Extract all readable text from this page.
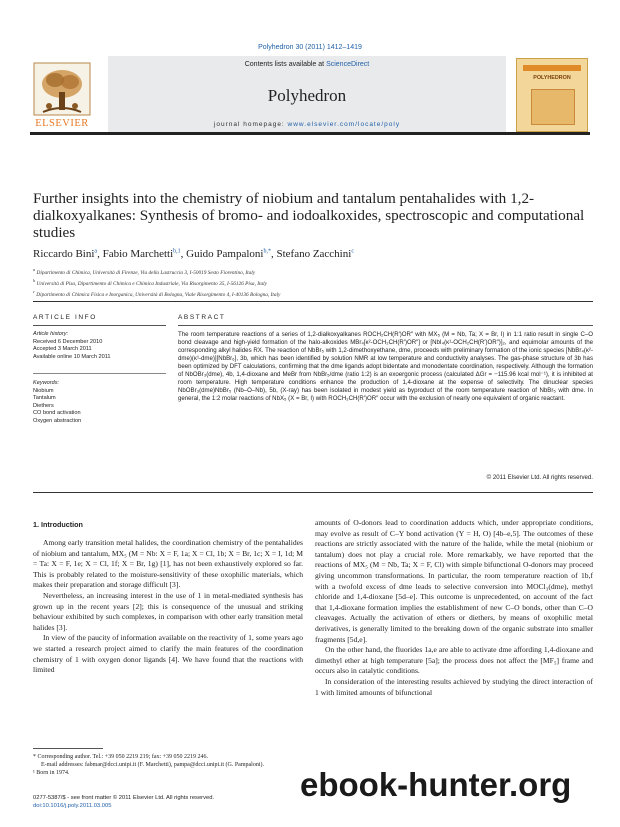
Polyhedron 30 (2011) 1412–1419
ELSEVIER
Contents lists available at ScienceDirect
Polyhedron
journal homepage: www.elsevier.com/locate/poly
POLYHEDRON
Further insights into the chemistry of niobium and tantalum pentahalides with 1,2-dialkoxyalkanes: Synthesis of bromo- and iodoalkoxides, spectroscopic and computational studies
Riccardo Bini$^a$, Fabio Marchetti$^{b,1}$, Guido Pampaloni$^{b,*}$, Stefano Zacchini$^c$
$^a$ Dipartimento di Chimica, Università di Firenze, Via della Lastruccia 3, I-50019 Sesto Fiorentino, Italy
$^b$ Università di Pisa, Dipartimento di Chimica e Chimica Industriale, Via Risorgimento 35, I-56126 Pisa, Italy
$^c$ Dipartimento di Chimica Fisica e Inorganica, Università di Bologna, Viale Risorgimento 4, I-40136 Bologna, Italy
ARTICLE INFO
Article history:
Received 6 December 2010
Accepted 3 March 2011
Available online 10 March 2011
Keywords:
Niobium
Tantalum
Diethers
CO bond activation
Oxygen abstraction
ABSTRACT
The room temperature reactions of a series of 1,2-dialkoxyalkanes ROCH₂CH(R′)OR″ with MX₅ (M = Nb, Ta; X = Br, I) in 1:1 ratio result in single C–O bond cleavage and high-yield formation of the halo-alkoxides MBr₄[κ²-OCH₂CH(R′)OR″] or [NbI₄(κ¹-OCH₂CH(R′)OR″)]₂, and equimolar amounts of the corresponding alkyl halides RX. The reaction of NbBr₅ with 1,2-dimethoxyethane, dme, proceeds with preliminary formation of the ionic species [NbBr₄(κ²-dme)(κ¹-dme)][NbBr₆], 3b, which has been identified by solution NMR at low temperature and conductivity analyses. The gas-phase structure of 3b has been optimized by DFT calculations, confirming that the dme ligands adopt bidentate and monodentate coordination, respectively. Although the formation of NbOBr₃(dme), 4b, 1,4-dioxane and MeBr from NbBr₅/dme (ratio 1:2) is an exoergonic process (calculated ΔGr = −115.96 kcal mol⁻¹), it is inhibited at room temperature. High temperature conditions enhance the production of 1,4-dioxane at the expense of selectivity. The dinuclear species NbOBr₃(dme)NbBr₅ (Nb–O–Nb), 5b, (X-ray) has been isolated in modest yield as byproduct of the room temperature reaction of NbBr₅ with dme. In general, the 1:2 molar reactions of NbX₅ (X = Br, I) with ROCH₂CH(R′)OR″ occur with the exclusion of nearly one equivalent of organic reactant.
© 2011 Elsevier Ltd. All rights reserved.
1. Introduction

Among early transition metal halides, the coordination chemistry of the pentahalides of niobium and tantalum, MX₅ (M = Nb: X = F, 1a; X = Cl, 1b; X = Br, 1c; X = I, 1d; M = Ta: X = F, 1e; X = Cl, 1f; X = Br, 1g) [1], has not been exhaustively explored so far. This is probably related to the moisture-sensitivity of these oxophilic materials, which makes their preparation and storage difficult [3].

Nevertheless, an increasing interest in the use of 1 in metal-mediated synthesis has grown up in the recent years [2]; this is consequence of the unusual and striking behaviour exhibited by such complexes, in comparison with other early transition metal halides [3].

In view of the paucity of information available on the reactivity of 1, some years ago we started a research project aimed to clarify the main features of the coordination chemistry of 1 with oxygen donor ligands [4]. We have found that the reactions with limited

amounts of O-donors lead to coordination adducts which, under appropriate conditions, may evolve as result of C–Y bond activation (Y = H, O) [4b–e,5]. The outcomes of these reactions are strictly associated with the nature of the halide, while the metal (niobium or tantalum) does not play a crucial role. More remarkably, we have reported that the reactions of MX₅ (M = Nb, Ta; X = F, Cl) with simple bifunctional O-donors may proceed giving uncommon transformations. In particular, the room temperature reaction of 1b,f with a twofold excess of dme leads to selective conversion into MOCl₃(dme), methyl chloride and 1,4-dioxane [5d–e]. This outcome is unprecedented, on account of the fact that 1,4-dioxane formation implies the establishment of new C–O bonds, other than C–O cleavages. Actually the activation of ethers or diethers, by means of oxophilic metal derivatives, is generally limited to the breaking down of the organic substrate into smaller fragments [5d,e].

On the other hand, the fluorides 1a,e are able to activate dme affording 1,4-dioxane and dimethyl ether at high temperature [5a]; the process does not affect the [MF₅] frame and occurs also in catalytic conditions.

In consideration of the interesting results achieved by studying the direct interaction of 1 with limited amounts of bifunctional

* Corresponding author. Tel.: +39 050 2219 219; fax: +39 050 2219 246.
E-mail addresses: fabmar@dcci.unipi.it (F. Marchetti), pampa@dcci.unipi.it (G. Pampaloni).
¹ Born in 1974.
0277-5387/$ - see front matter © 2011 Elsevier Ltd. All rights reserved.
doi:10.1016/j.poly.2011.03.005
ebook-hunter.org
